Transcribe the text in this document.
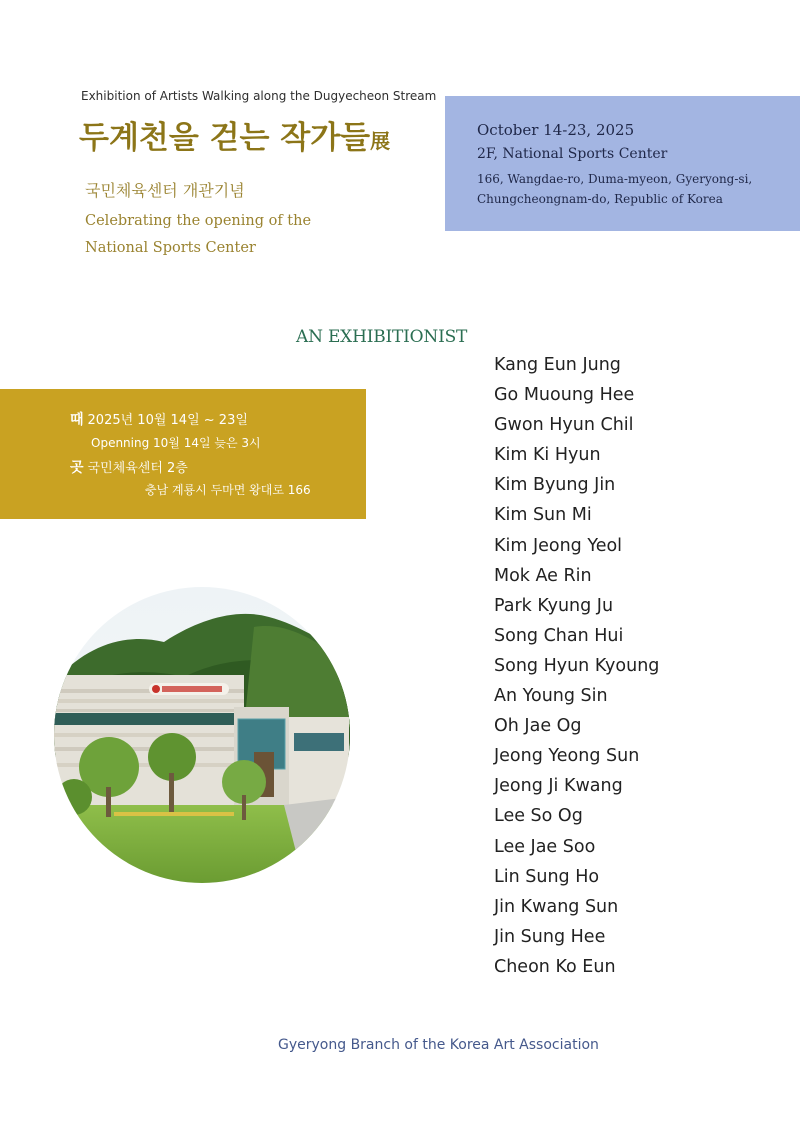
Exhibition of Artists Walking along the Dugyecheon Stream
두계천을 걷는 작가들展
국민체육센터 개관기념
Celebrating the opening of the
National Sports Center
October 14-23, 2025
2F, National Sports Center
166, Wangdae-ro, Duma-myeon, Gyeryong-si,
Chungcheongnam-do, Republic of Korea
AN EXHIBITIONIST
Kang Eun Jung
Go Muoung Hee
Gwon Hyun Chil
Kim Ki Hyun
Kim Byung Jin
Kim Sun Mi
Kim Jeong Yeol
Mok Ae Rin
Park Kyung Ju
Song Chan Hui
Song Hyun Kyoung
An Young Sin
Oh Jae Og
Jeong Yeong Sun
Jeong Ji Kwang
Lee So Og
Lee Jae Soo
Lin Sung Ho
Jin Kwang Sun
Jin Sung Hee
Cheon Ko Eun
때 2025년 10월 14일 ~ 23일
Openning 10월 14일 늦은 3시
곳 국민체육센터 2층
충남 계룡시 두마면 왕대로 166
Gyeryong Branch of the Korea Art Association
